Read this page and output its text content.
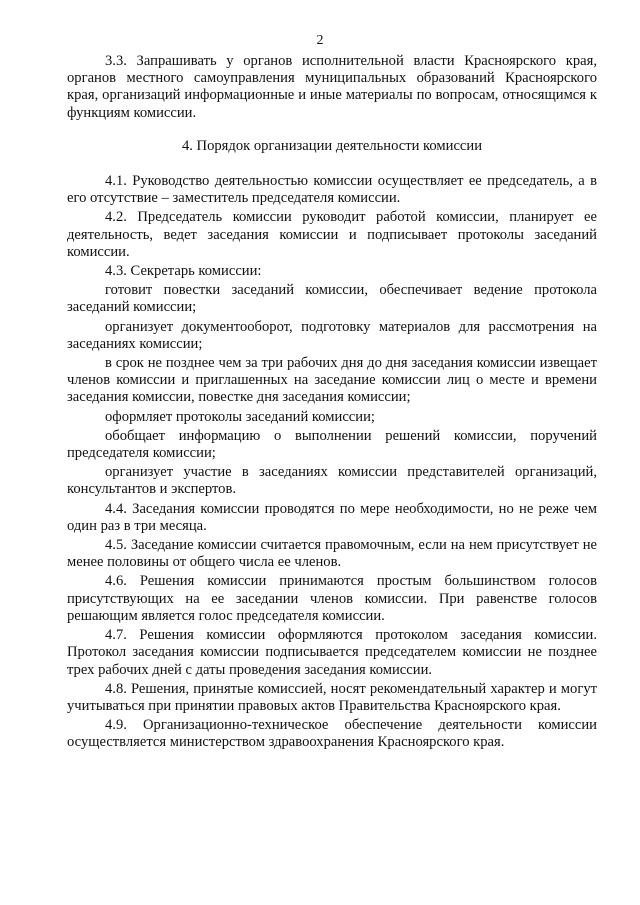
2

3.3. Запрашивать у органов исполнительной власти Красноярского края, органов местного самоуправления муниципальных образований Красноярского края, организаций информационные и иные материалы по вопросам, относящимся к функциям комиссии.

4. Порядок организации деятельности комиссии

4.1. Руководство деятельностью комиссии осуществляет ее председатель, а в его отсутствие – заместитель председателя комиссии.

4.2. Председатель комиссии руководит работой комиссии, планирует ее деятельность, ведет заседания комиссии и подписывает протоколы заседаний комиссии.

4.3. Секретарь комиссии:

готовит повестки заседаний комиссии, обеспечивает ведение протокола заседаний комиссии;

организует документооборот, подготовку материалов для рассмотрения на заседаниях комиссии;

в срок не позднее чем за три рабочих дня до дня заседания комиссии извещает членов комиссии и приглашенных на заседание комиссии лиц о месте и времени заседания комиссии, повестке дня заседания комиссии;

оформляет протоколы заседаний комиссии;

обобщает информацию о выполнении решений комиссии, поручений председателя комиссии;

организует участие в заседаниях комиссии представителей организаций, консультантов и экспертов.

4.4. Заседания комиссии проводятся по мере необходимости, но не реже чем один раз в три месяца.

4.5. Заседание комиссии считается правомочным, если на нем присутствует не менее половины от общего числа ее членов.

4.6. Решения комиссии принимаются простым большинством голосов присутствующих на ее заседании членов комиссии. При равенстве голосов решающим является голос председателя комиссии.

4.7. Решения комиссии оформляются протоколом заседания комиссии. Протокол заседания комиссии подписывается председателем комиссии не позднее трех рабочих дней с даты проведения заседания комиссии.

4.8. Решения, принятые комиссией, носят рекомендательный характер и могут учитываться при принятии правовых актов Правительства Красноярского края.

4.9. Организационно-техническое обеспечение деятельности комиссии осуществляется министерством здравоохранения Красноярского края.
